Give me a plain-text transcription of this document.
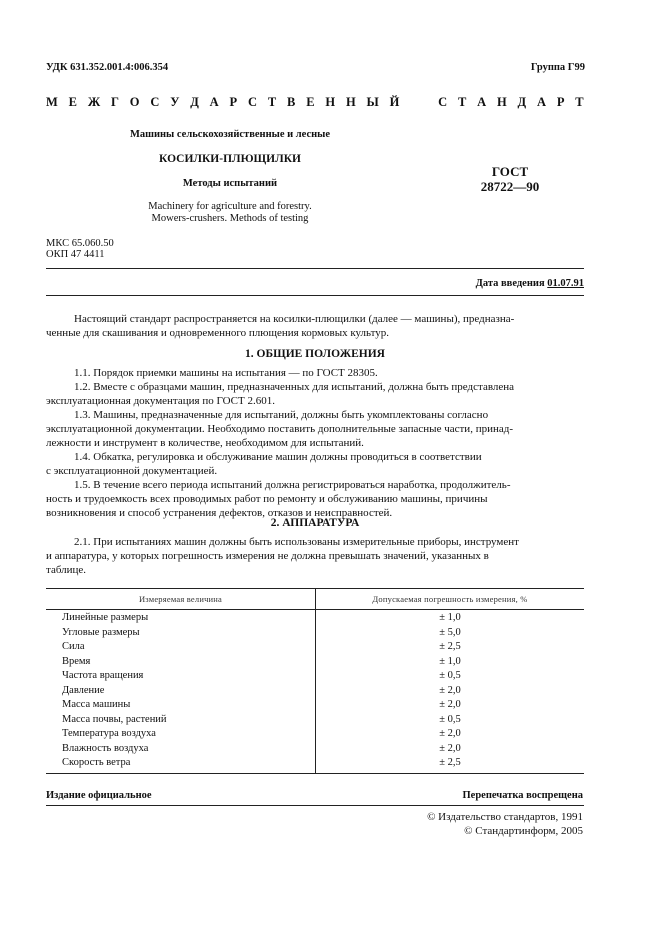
УДК 631.352.001.4:006.354	Группа Г99
М Е Ж Г О С У Д А Р С Т В Е Н Н Ы Й

	С Т А Н Д А Р Т
Машины сельскохозяйственные и лесные
КОСИЛКИ-ПЛЮЩИЛКИ
Методы испытаний
Machinery for agriculture and forestry.
Mowers-crushers. Methods of testing
ГОСТ
28722—90
МКС 65.060.50
ОКП 47 4411
Дата введения 01.07.91
Настоящий стандарт распространяется на косилки-плющилки (далее — машины), предназна-
ченные для скашивания и одновременного плющения кормовых культур.
1. ОБЩИЕ ПОЛОЖЕНИЯ
1.1. Порядок приемки машины на испытания — по ГОСТ 28305.
1.2. Вместе с образцами машин, предназначенных для испытаний, должна быть представлена
эксплуатационная документация по ГОСТ 2.601.
1.3. Машины, предназначенные для испытаний, должны быть укомплектованы согласно
эксплуатационной документации. Необходимо поставить дополнительные запасные части, принад-
лежности и инструмент в количестве, необходимом для испытаний.
1.4. Обкатка, регулировка и обслуживание машин должны проводиться в соответствии
с эксплуатационной документацией.
1.5. В течение всего периода испытаний должна регистрироваться наработка, продолжитель-
ность и трудоемкость всех проводимых работ по ремонту и обслуживанию машины, причины
возникновения и способ устранения дефектов, отказов и неисправностей.
2. АППАРАТУРА
2.1. При испытаниях машин должны быть использованы измерительные приборы, инструмент
и аппаратура, у которых погрешность измерения не должна превышать значений, указанных в
таблице.
Измеряемая величина	Допускаемая погрешность измерения, %
Линейные размеры	± 1,0
Угловые размеры	± 5,0
Сила	± 2,5
Время	± 1,0
Частота вращения	± 0,5
Давление	± 2,0
Масса машины	± 2,0
Масса почвы, растений	± 0,5
Температура воздуха	± 2,0
Влажность воздуха	± 2,0
Скорость ветра	± 2,5
Издание официальное	Перепечатка воспрещена
© Издательство стандартов, 1991
© Стандартинформ, 2005
